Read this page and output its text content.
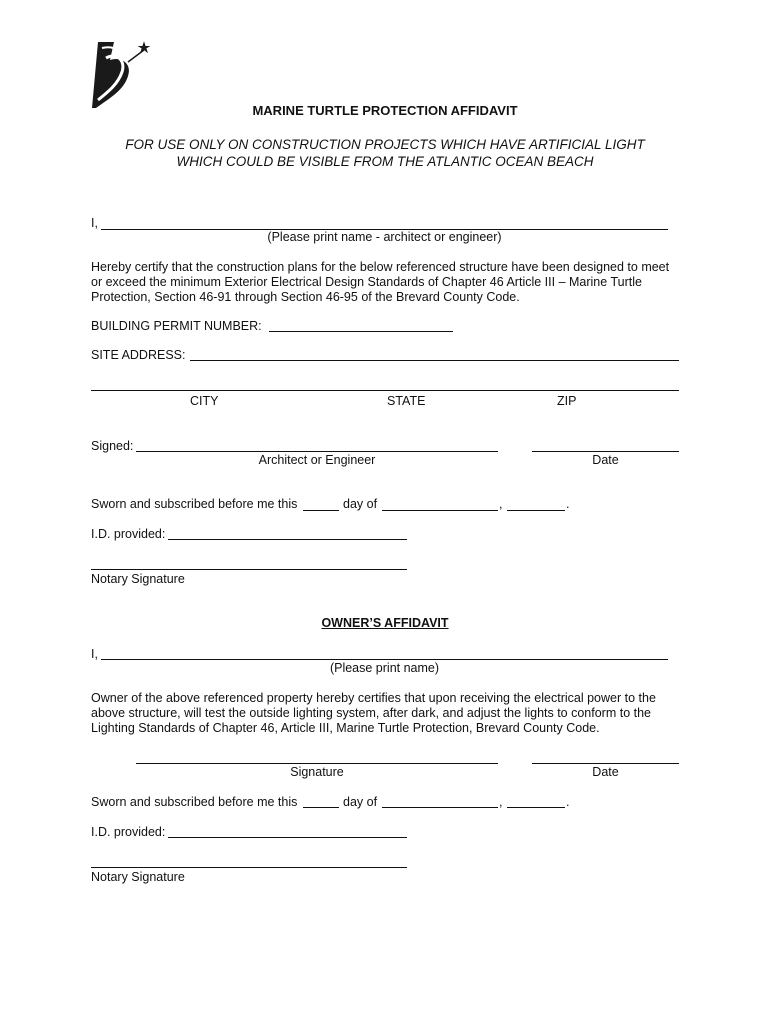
MARINE TURTLE PROTECTION AFFIDAVIT
FOR USE ONLY ON CONSTRUCTION PROJECTS WHICH HAVE ARTIFICIAL LIGHT
WHICH COULD BE VISIBLE FROM THE ATLANTIC OCEAN BEACH
I,
(Please print name - architect or engineer)
Hereby certify that the construction plans for the below referenced structure have been designed to meet
or exceed the minimum Exterior Electrical Design Standards of Chapter 46 Article III – Marine Turtle
Protection, Section 46-91 through Section 46-95 of the Brevard County Code.
BUILDING PERMIT NUMBER:
SITE ADDRESS:
CITY	STATE	ZIP
Signed:
Architect or Engineer	Date
Sworn and subscribed before me this	day of	,	.
I.D. provided:
Notary Signature
OWNER’S AFFIDAVIT
I,
(Please print name)
Owner of the above referenced property hereby certifies that upon receiving the electrical power to the
above structure, will test the outside lighting system, after dark, and adjust the lights to conform to the
Lighting Standards of Chapter 46, Article III, Marine Turtle Protection, Brevard County Code.
Signature	Date
Sworn and subscribed before me this	day of	,	.
I.D. provided:
Notary Signature
